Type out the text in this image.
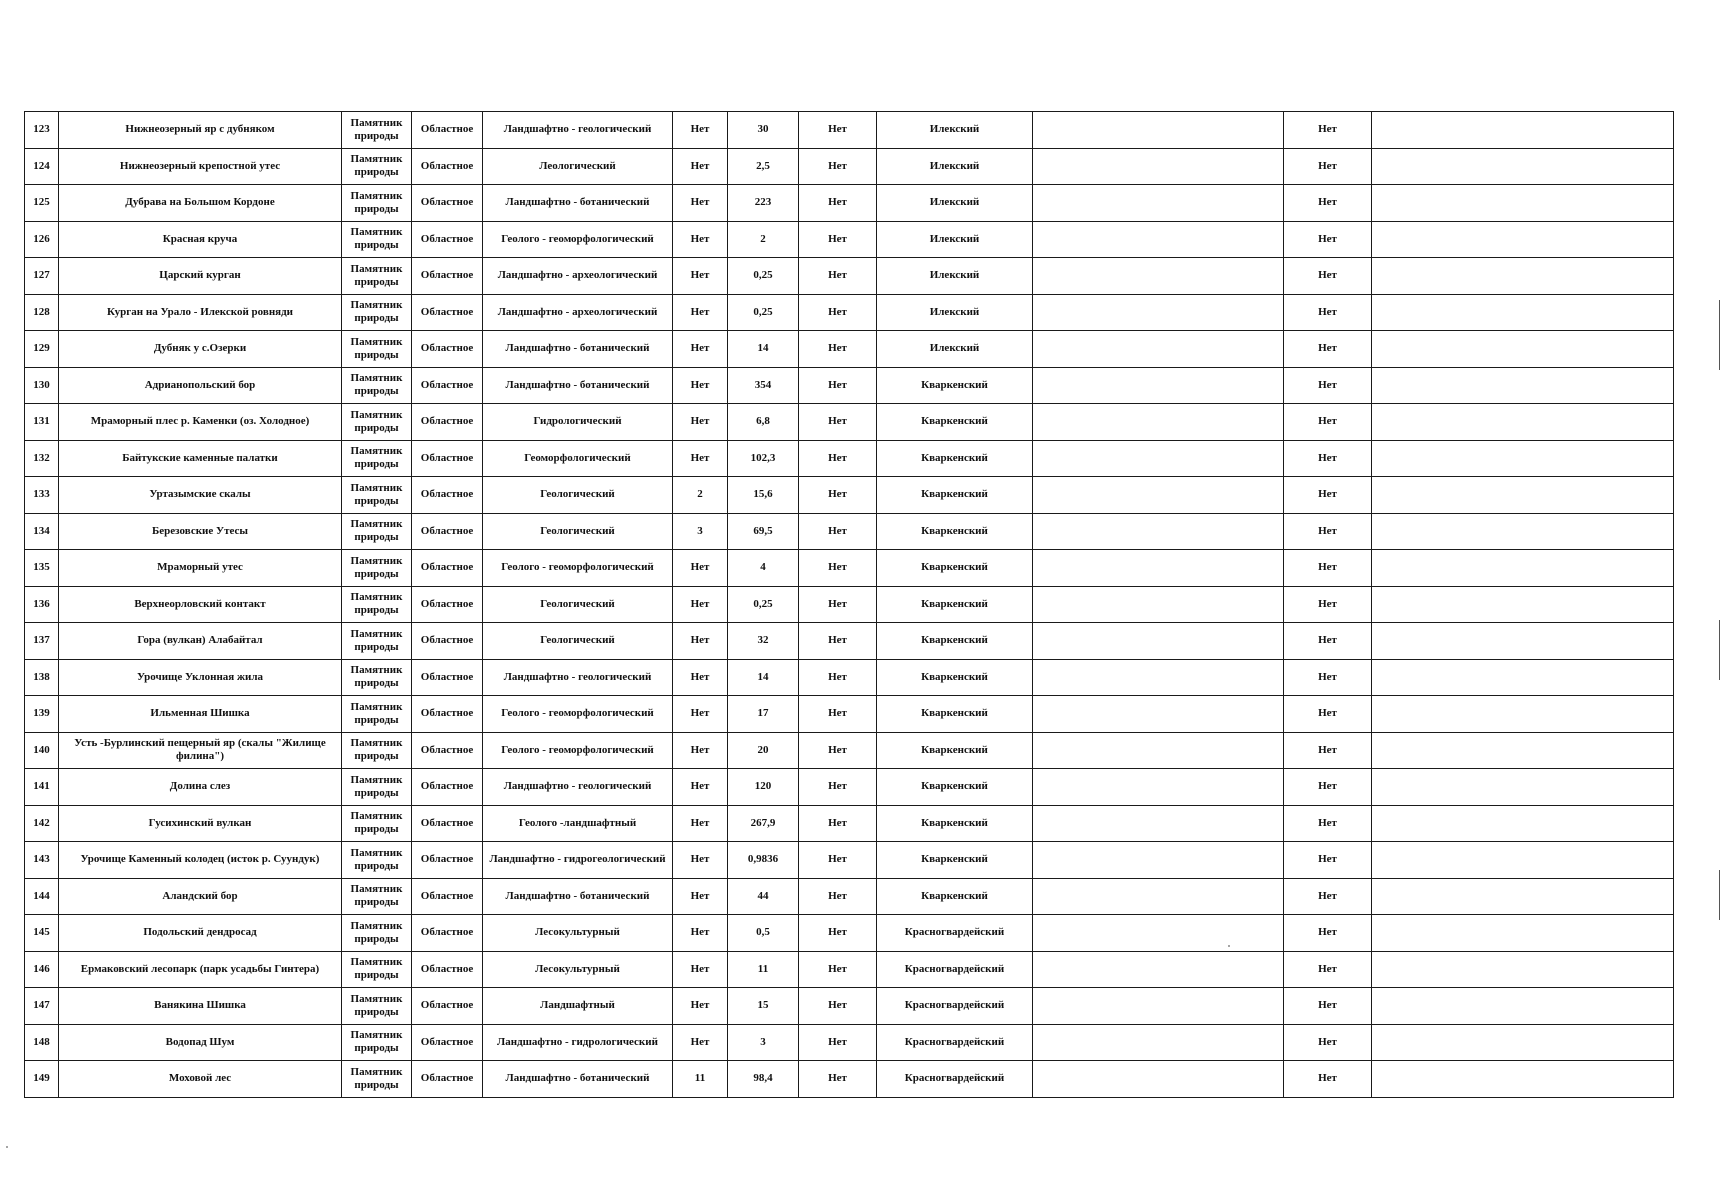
123	Нижнеозерный яр с дубняком	Памятник природы	Областное	Ландшафтно - геологический	Нет	30	Нет	Илекский		Нет	
124	Нижнеозерный крепостной утес	Памятник природы	Областное	Леологический	Нет	2,5	Нет	Илекский		Нет	
125	Дубрава на Большом Кордоне	Памятник природы	Областное	Ландшафтно - ботанический	Нет	223	Нет	Илекский		Нет	
126	Красная круча	Памятник природы	Областное	Геолого - геоморфологический	Нет	2	Нет	Илекский		Нет	
127	Царский курган	Памятник природы	Областное	Ландшафтно - археологический	Нет	0,25	Нет	Илекский		Нет	
128	Курган на Урало - Илекской ровняди	Памятник природы	Областное	Ландшафтно - археологический	Нет	0,25	Нет	Илекский		Нет	
129	Дубняк у с.Озерки	Памятник природы	Областное	Ландшафтно - ботанический	Нет	14	Нет	Илекский		Нет	
130	Адрианопольский бор	Памятник природы	Областное	Ландшафтно - ботанический	Нет	354	Нет	Кваркенский		Нет	
131	Мраморный плес р. Каменки (оз. Холодное)	Памятник природы	Областное	Гидрологический	Нет	6,8	Нет	Кваркенский		Нет	
132	Байтукские каменные палатки	Памятник природы	Областное	Геоморфологический	Нет	102,3	Нет	Кваркенский		Нет	
133	Уртазымские скалы	Памятник природы	Областное	Геологический	2	15,6	Нет	Кваркенский		Нет	
134	Березовские Утесы	Памятник природы	Областное	Геологический	3	69,5	Нет	Кваркенский		Нет	
135	Мраморный утес	Памятник природы	Областное	Геолого - геоморфологический	Нет	4	Нет	Кваркенский		Нет	
136	Верхнеорловский контакт	Памятник природы	Областное	Геологический	Нет	0,25	Нет	Кваркенский		Нет	
137	Гора (вулкан) Алабайтал	Памятник природы	Областное	Геологический	Нет	32	Нет	Кваркенский		Нет	
138	Урочище Уклонная жила	Памятник природы	Областное	Ландшафтно - геологический	Нет	14	Нет	Кваркенский		Нет	
139	Ильменная Шишка	Памятник природы	Областное	Геолого - геоморфологический	Нет	17	Нет	Кваркенский		Нет	
140	Усть -Бурлинский пещерный яр (скалы "Жилище филина")	Памятник природы	Областное	Геолого - геоморфологический	Нет	20	Нет	Кваркенский		Нет	
141	Долина слез	Памятник природы	Областное	Ландшафтно - геологический	Нет	120	Нет	Кваркенский		Нет	
142	Гусихинский вулкан	Памятник природы	Областное	Геолого -ландшафтный	Нет	267,9	Нет	Кваркенский		Нет	
143	Урочище Каменный колодец (исток р. Суундук)	Памятник природы	Областное	Ландшафтно - гидрогеологический	Нет	0,9836	Нет	Кваркенский		Нет	
144	Аландский бор	Памятник природы	Областное	Ландшафтно - ботанический	Нет	44	Нет	Кваркенский		Нет	
145	Подольский дендросад	Памятник природы	Областное	Лесокультурный	Нет	0,5	Нет	Красногвардейский		Нет	
146	Ермаковский лесопарк (парк усадьбы Гинтера)	Памятник природы	Областное	Лесокультурный	Нет	11	Нет	Красногвардейский		Нет	
147	Ванякина Шишка	Памятник природы	Областное	Ландшафтный	Нет	15	Нет	Красногвардейский		Нет	
148	Водопад Шум	Памятник природы	Областное	Ландшафтно - гидрологический	Нет	3	Нет	Красногвардейский		Нет	
149	Моховой лес	Памятник природы	Областное	Ландшафтно - ботанический	11	98,4	Нет	Красногвардейский		Нет	
